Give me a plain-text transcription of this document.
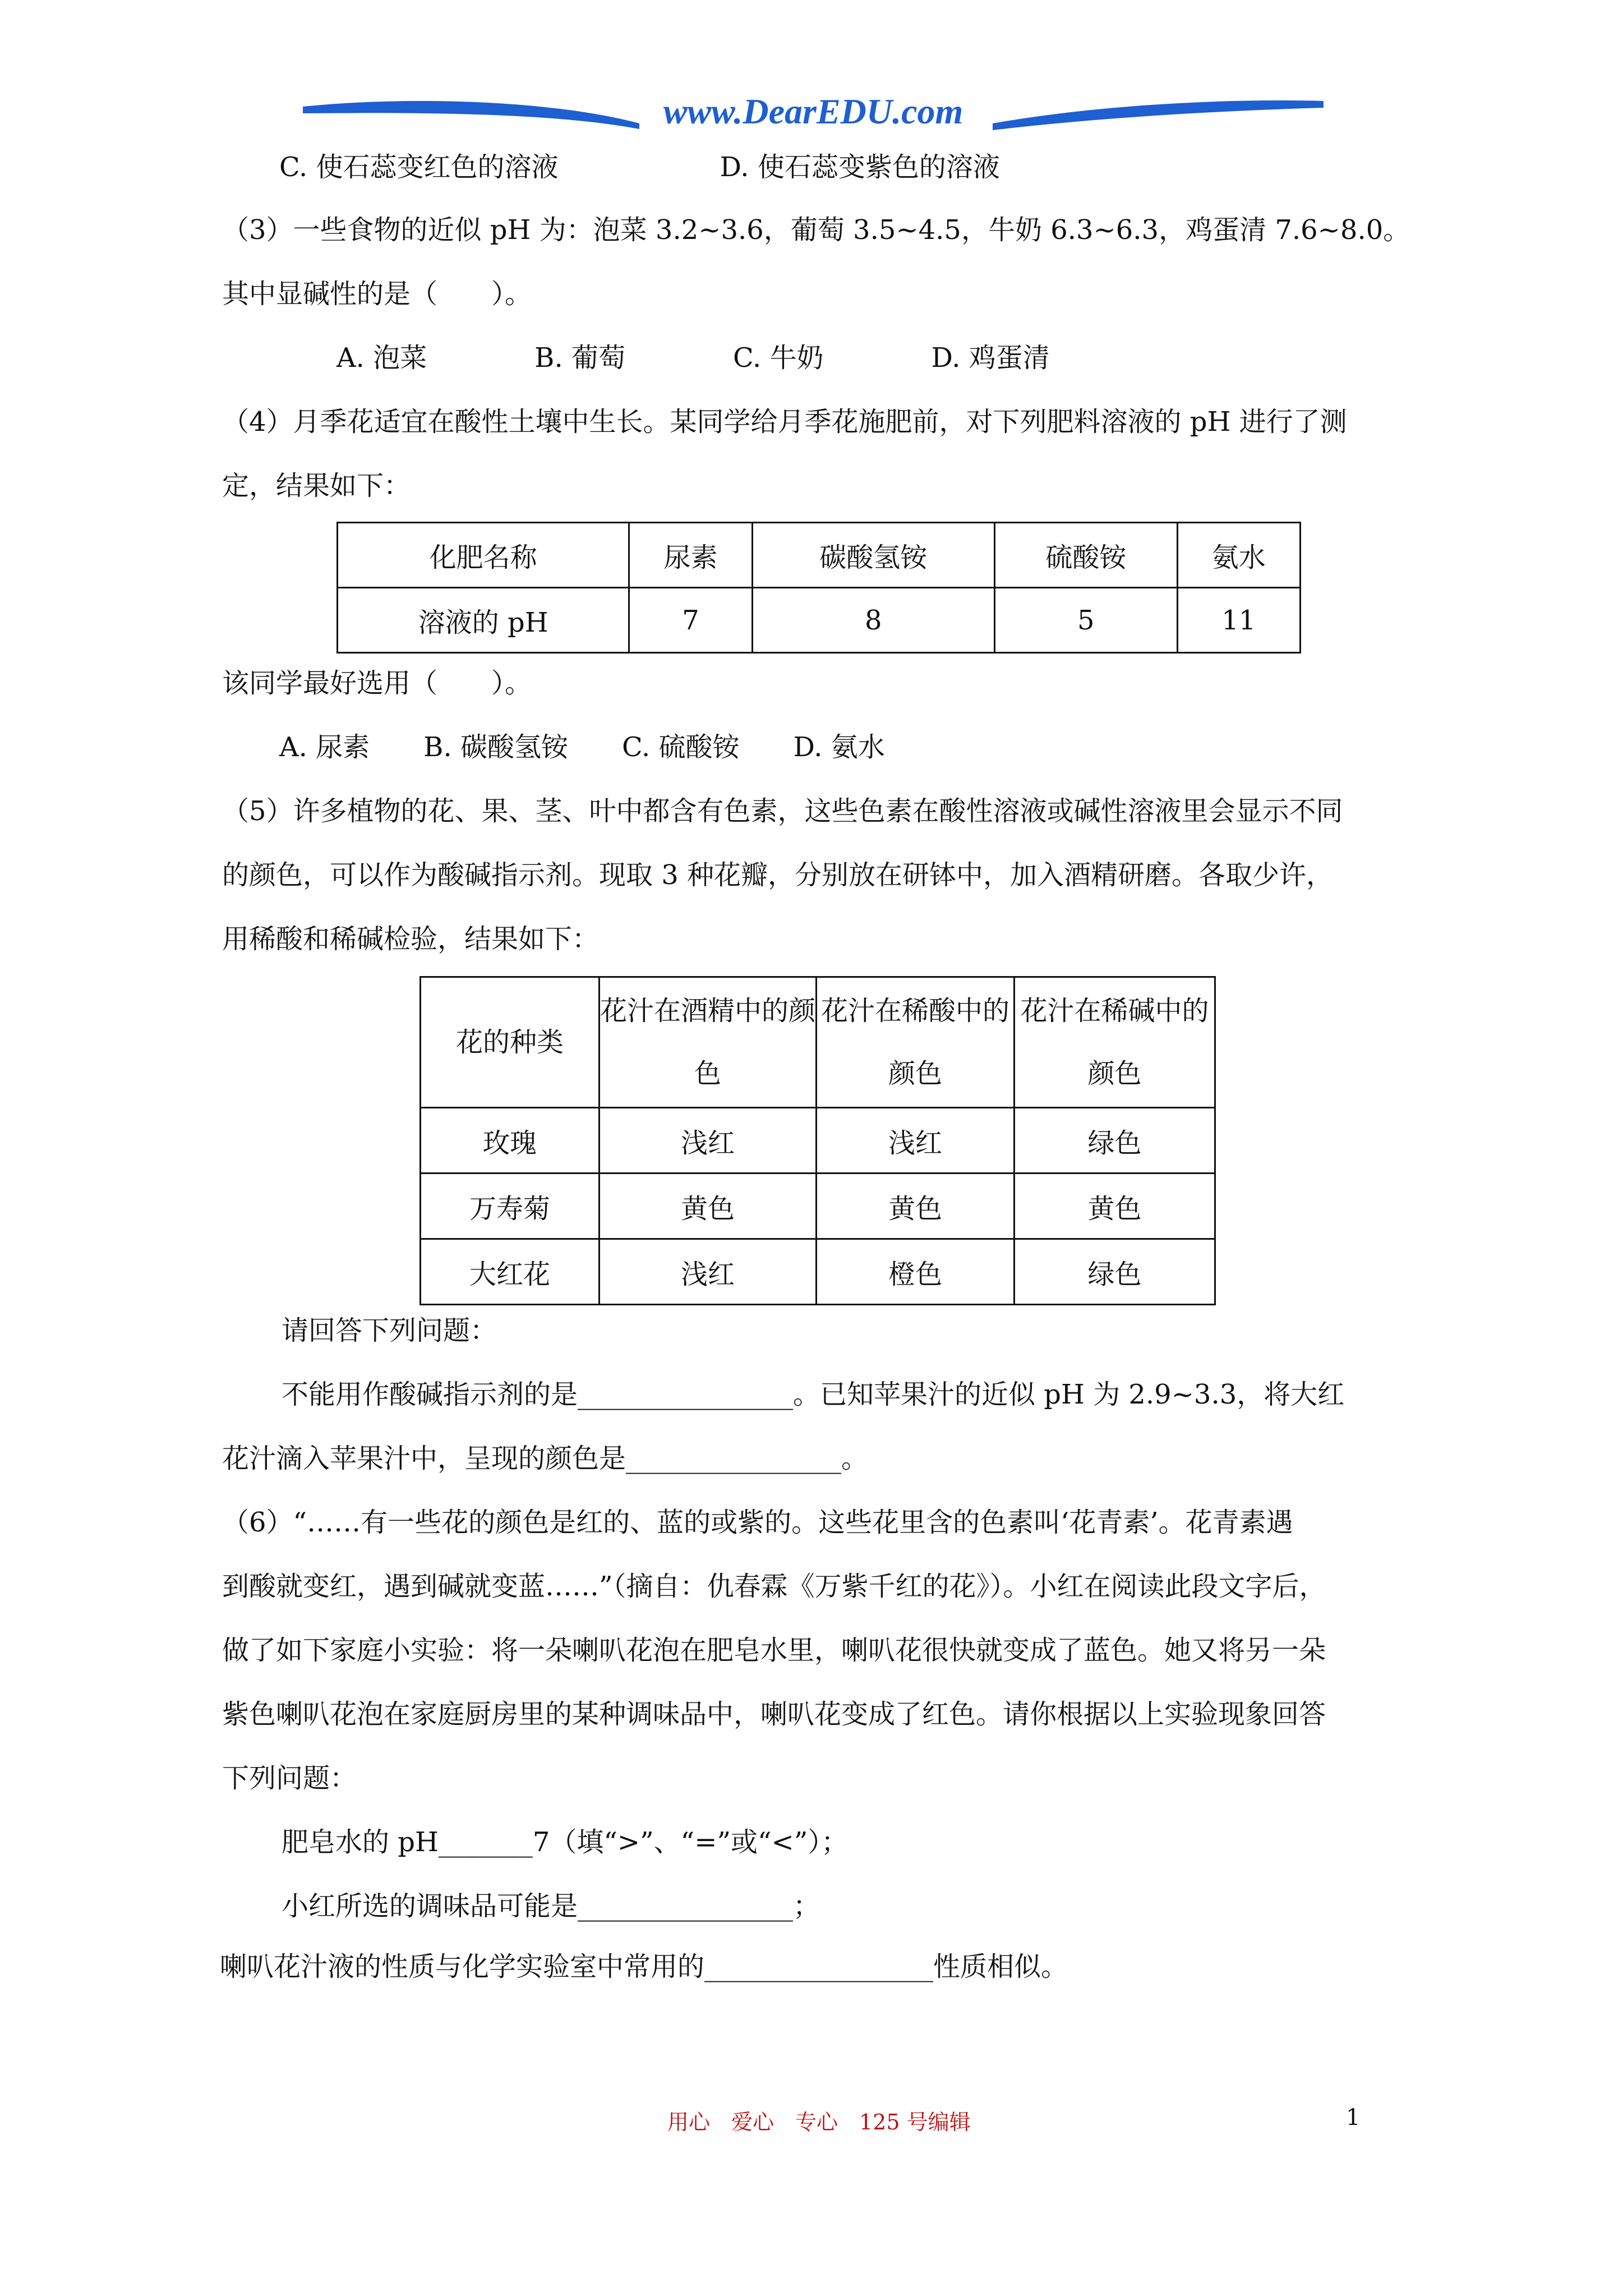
www.DearEDU.com
C. 使石蕊变红色的溶液　　　　　　D. 使石蕊变紫色的溶液
（3）一些食物的近似 pH 为：泡菜 3.2~3.6，葡萄 3.5~4.5，牛奶 6.3~6.3，鸡蛋清 7.6~8.0。
其中显碱性的是（　　）。
A. 泡菜　　　　B. 葡萄　　　　C. 牛奶　　　　D. 鸡蛋清
（4）月季花适宜在酸性土壤中生长。某同学给月季花施肥前，对下列肥料溶液的 pH 进行了测
定，结果如下：
化肥名称	尿素	碳酸氢铵	硫酸铵	氨水
溶液的 pH	7	8	5	11
该同学最好选用（　　）。
A. 尿素　　B. 碳酸氢铵　　C. 硫酸铵　　D. 氨水
（5）许多植物的花、果、茎、叶中都含有色素，这些色素在酸性溶液或碱性溶液里会显示不同
的颜色，可以作为酸碱指示剂。现取 3 种花瓣，分别放在研钵中，加入酒精研磨。各取少许，
用稀酸和稀碱检验，结果如下：
花的种类	花汁在酒精中的颜色	花汁在稀酸中的颜色	花汁在稀碱中的颜色
玫瑰	浅红	浅红	绿色
万寿菊	黄色	黄色	黄色
大红花	浅红	橙色	绿色
请回答下列问题：
不能用作酸碱指示剂的是________________。已知苹果汁的近似 pH 为 2.9~3.3，将大红
花汁滴入苹果汁中，呈现的颜色是________________。
（6）“……有一些花的颜色是红的、蓝的或紫的。这些花里含的色素叫‘花青素’。花青素遇
到酸就变红，遇到碱就变蓝……”（摘自：仇春霖《万紫千红的花》）。小红在阅读此段文字后，
做了如下家庭小实验：将一朵喇叭花泡在肥皂水里，喇叭花很快就变成了蓝色。她又将另一朵
紫色喇叭花泡在家庭厨房里的某种调味品中，喇叭花变成了红色。请你根据以上实验现象回答
下列问题：
肥皂水的 pH_______7（填“>”、“=”或“<”）；
小红所选的调味品可能是________________；
喇叭花汁液的性质与化学实验室中常用的_________________性质相似。
用心　爱心　专心　125 号编辑	1
